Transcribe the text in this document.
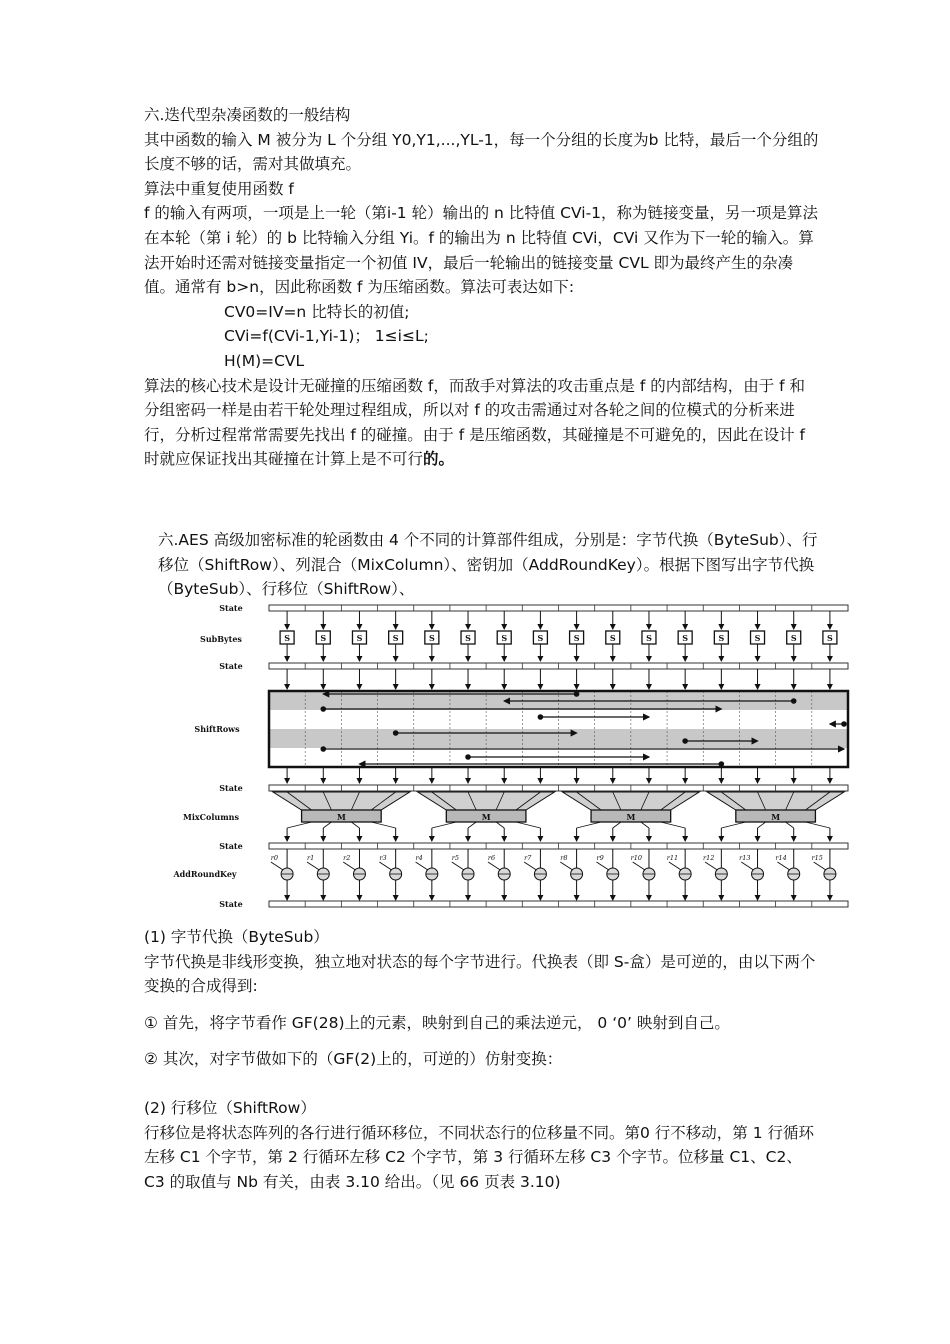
六.迭代型杂凑函数的一般结构

其中函数的输入 M 被分为 L 个分组 Y0,Y1,...,YL-1，每一个分组的长度为b 比特，最后一个分组的长度不够的话，需对其做填充。

算法中重复使用函数 f

f 的输入有两项，一项是上一轮（第i-1 轮）输出的 n 比特值 CVi-1，称为链接变量，另一项是算法在本轮（第 i 轮）的 b 比特输入分组 Yi。f 的输出为 n 比特值 CVi，CVi 又作为下一轮的输入。算法开始时还需对链接变量指定一个初值 IV，最后一轮输出的链接变量 CVL 即为最终产生的杂凑值。通常有 b>n，因此称函数 f 为压缩函数。算法可表达如下:

CV0=IV=n 比特长的初值;

CVi=f(CVi-1,Yi-1)； 1≤i≤L;

H(M)=CVL

算法的核心技术是设计无碰撞的压缩函数 f，而敌手对算法的攻击重点是 f 的内部结构，由于 f 和分组密码一样是由若干轮处理过程组成，所以对 f 的攻击需通过对各轮之间的位模式的分析来进行，分析过程常常需要先找出 f 的碰撞。由于 f 是压缩函数，其碰撞是不可避免的，因此在设计 f 时就应保证找出其碰撞在计算上是不可行的。

六.AES 高级加密标准的轮函数由 4 个不同的计算部件组成，分别是：字节代换（ByteSub）、行移位（ShiftRow）、列混合（MixColumn）、密钥加（AddRoundKey）。根据下图写出字节代换（ByteSub）、行移位（ShiftRow）、

State
State
State
State
State
SubBytes	S	S	S	S	S	S	S	S	S	S	S	S	S	S	S	S
ShiftRows
MixColumns	M	M	M	M
AddRoundKey
r0	r1	r2	r3	r4	r5	r6	r7	r8	r9	r10	r11	r12	r13	r14	r15

(1) 字节代换（ByteSub）

字节代换是非线形变换，独立地对状态的每个字节进行。代换表（即 S-盒）是可逆的，由以下两个变换的合成得到:

① 首先，将字节看作 GF(28)上的元素，映射到自己的乘法逆元， 0 ‘0’ 映射到自己。

② 其次，对字节做如下的（GF(2)上的，可逆的）仿射变换：

(2) 行移位（ShiftRow）

行移位是将状态阵列的各行进行循环移位，不同状态行的位移量不同。第0 行不移动，第 1 行循环左移 C1 个字节，第 2 行循环左移 C2 个字节，第 3 行循环左移 C3 个字节。位移量 C1、C2、C3 的取值与 Nb 有关，由表 3.10 给出。（见 66 页表 3.10)
